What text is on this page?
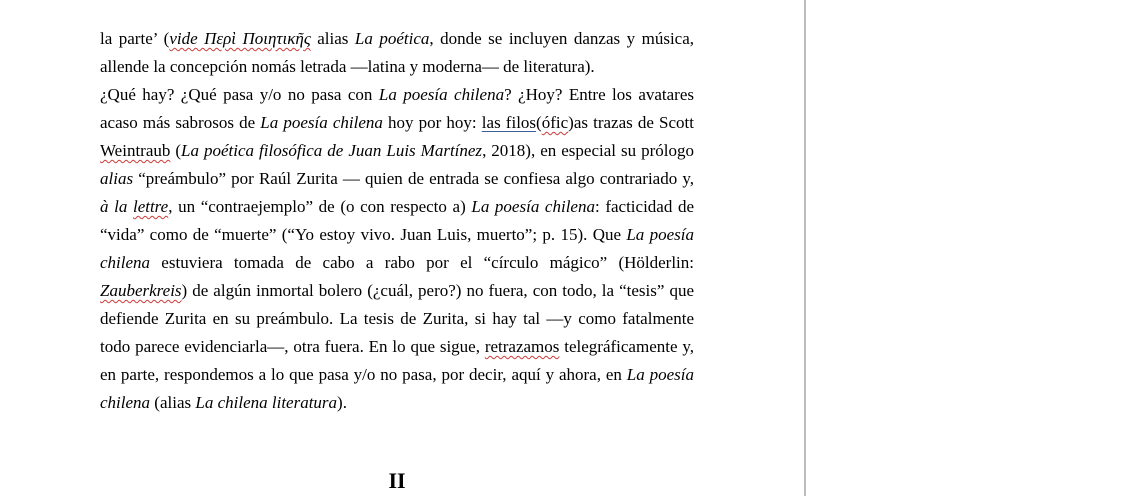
la parte’ (vide Περὶ Ποιητικῆς alias La poética, donde se incluyen danzas y música, allende la concepción nomás letrada —latina y moderna— de literatura).

¿Qué hay? ¿Qué pasa y/o no pasa con La poesía chilena? ¿Hoy? Entre los avatares acaso más sabrosos de La poesía chilena hoy por hoy: las filos(ófic)as trazas de Scott Weintraub (La poética filosófica de Juan Luis Martínez, 2018), en especial su prólogo alias “preámbulo” por Raúl Zurita — quien de entrada se confiesa algo contrariado y, à la lettre, un “contraejemplo” de (o con respecto a) La poesía chilena: facticidad de “vida” como de “muerte” (“Yo estoy vivo. Juan Luis, muerto”; p. 15). Que La poesía chilena estuviera tomada de cabo a rabo por el “círculo mágico” (Hölderlin: Zauberkreis) de algún inmortal bolero (¿cuál, pero?) no fuera, con todo, la “tesis” que defiende Zurita en su preámbulo. La tesis de Zurita, si hay tal —y como fatalmente todo parece evidenciarla—, otra fuera. En lo que sigue, retrazamos telegráficamente y, en parte, respondemos a lo que pasa y/o no pasa, por decir, aquí y ahora, en La poesía chilena (alias La chilena literatura).

II
